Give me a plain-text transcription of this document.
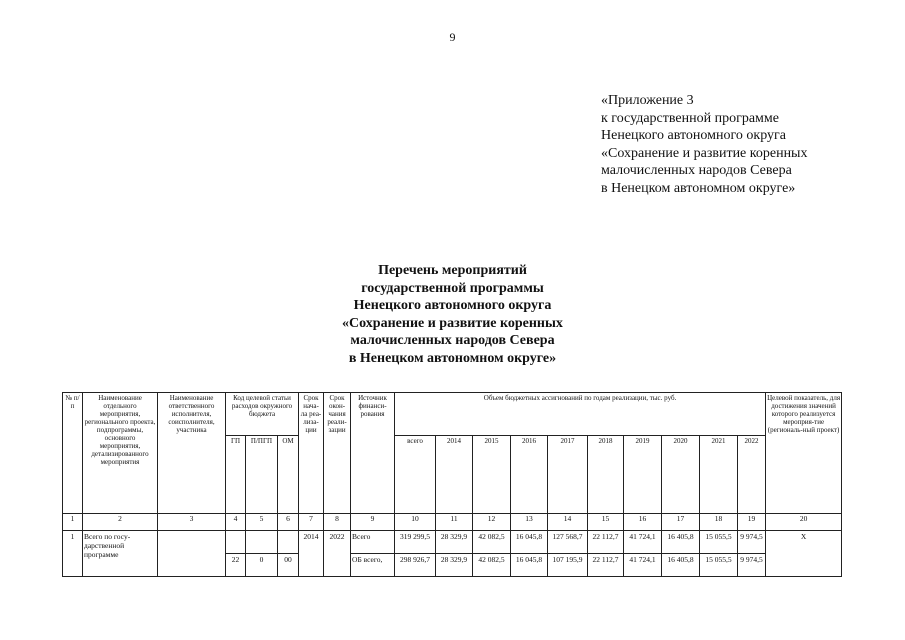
9
«Приложение 3
к государственной программе
Ненецкого автономного округа
«Сохранение и развитие коренных
малочисленных народов Севера
в Ненецком автономном округе»
Перечень мероприятий
государственной программы
Ненецкого автономного округа
«Сохранение и развитие коренных
малочисленных народов Севера
в Ненецком автономном округе»
№ п/п	Наименование отдельного мероприятия, регионального проекта, подпрограммы, основного мероприятия, детализированного мероприятия	Наименование ответственного исполнителя, соисполнителя, участника	Код целевой статьи расходов окружного бюджета			Срок нача-ла реа-лиза-ции	Срок окон-чания реали-зации	Источник финанси-рования	Объем бюджетных ассигнований по годам реализации, тыс. руб.										Целевой показатель, для достижения значений которого реализуется мероприя-тие (региональ-ный проект)
			ГП	П/ПГП	ОМ				всего	2014	2015	2016	2017	2018	2019	2020	2021	2022	
1	2	3	4	5	6	7	8	9	10	11	12	13	14	15	16	17	18	19	20
1	Всего по госу-дарственной программе					2014	2022	Всего	319 299,5	28 329,9	42 082,5	16 045,8	127 568,7	22 112,7	41 724,1	16 405,8	15 055,5	9 974,5	Х
			22	0	00			ОБ всего,	298 926,7	28 329,9	42 082,5	16 045,8	107 195,9	22 112,7	41 724,1	16 405,8	15 055,5	9 974,5	
